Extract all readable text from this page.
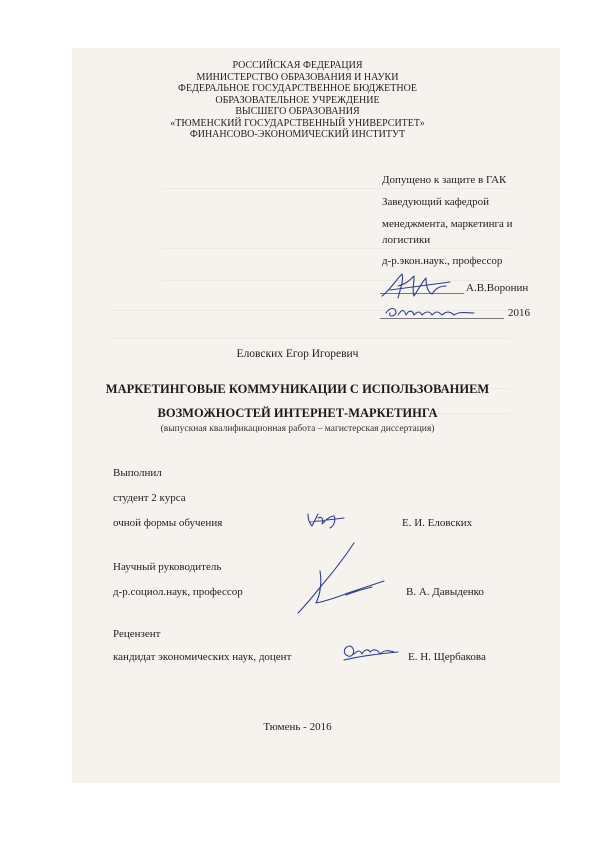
РОССИЙСКАЯ ФЕДЕРАЦИЯ
МИНИСТЕРСТВО ОБРАЗОВАНИЯ И НАУКИ
ФЕДЕРАЛЬНОЕ ГОСУДАРСТВЕННОЕ БЮДЖЕТНОЕ
ОБРАЗОВАТЕЛЬНОЕ УЧРЕЖДЕНИЕ
ВЫСШЕГО ОБРАЗОВАНИЯ
«ТЮМЕНСКИЙ ГОСУДАРСТВЕННЫЙ УНИВЕРСИТЕТ»
ФИНАНСОВО-ЭКОНОМИЧЕСКИЙ ИНСТИТУТ
Допущено к защите в ГАК
Заведующий кафедрой
менеджмента, маркетинга и
логистики
д-р.экон.наук., профессор
А.В.Воронин
2016
Еловских Егор Игоревич
МАРКЕТИНГОВЫЕ КОММУНИКАЦИИ С ИСПОЛЬЗОВАНИЕМ
ВОЗМОЖНОСТЕЙ ИНТЕРНЕТ-МАРКЕТИНГА
(выпускная квалификационная работа – магистерская диссертация)
Выполнил
студент 2 курса
очной формы обучения	Е. И. Еловских
Научный руководитель
д-р.социол.наук, профессор	В. А. Давыденко
Рецензент
кандидат экономических наук, доцент	Е. Н. Щербакова
Тюмень - 2016
